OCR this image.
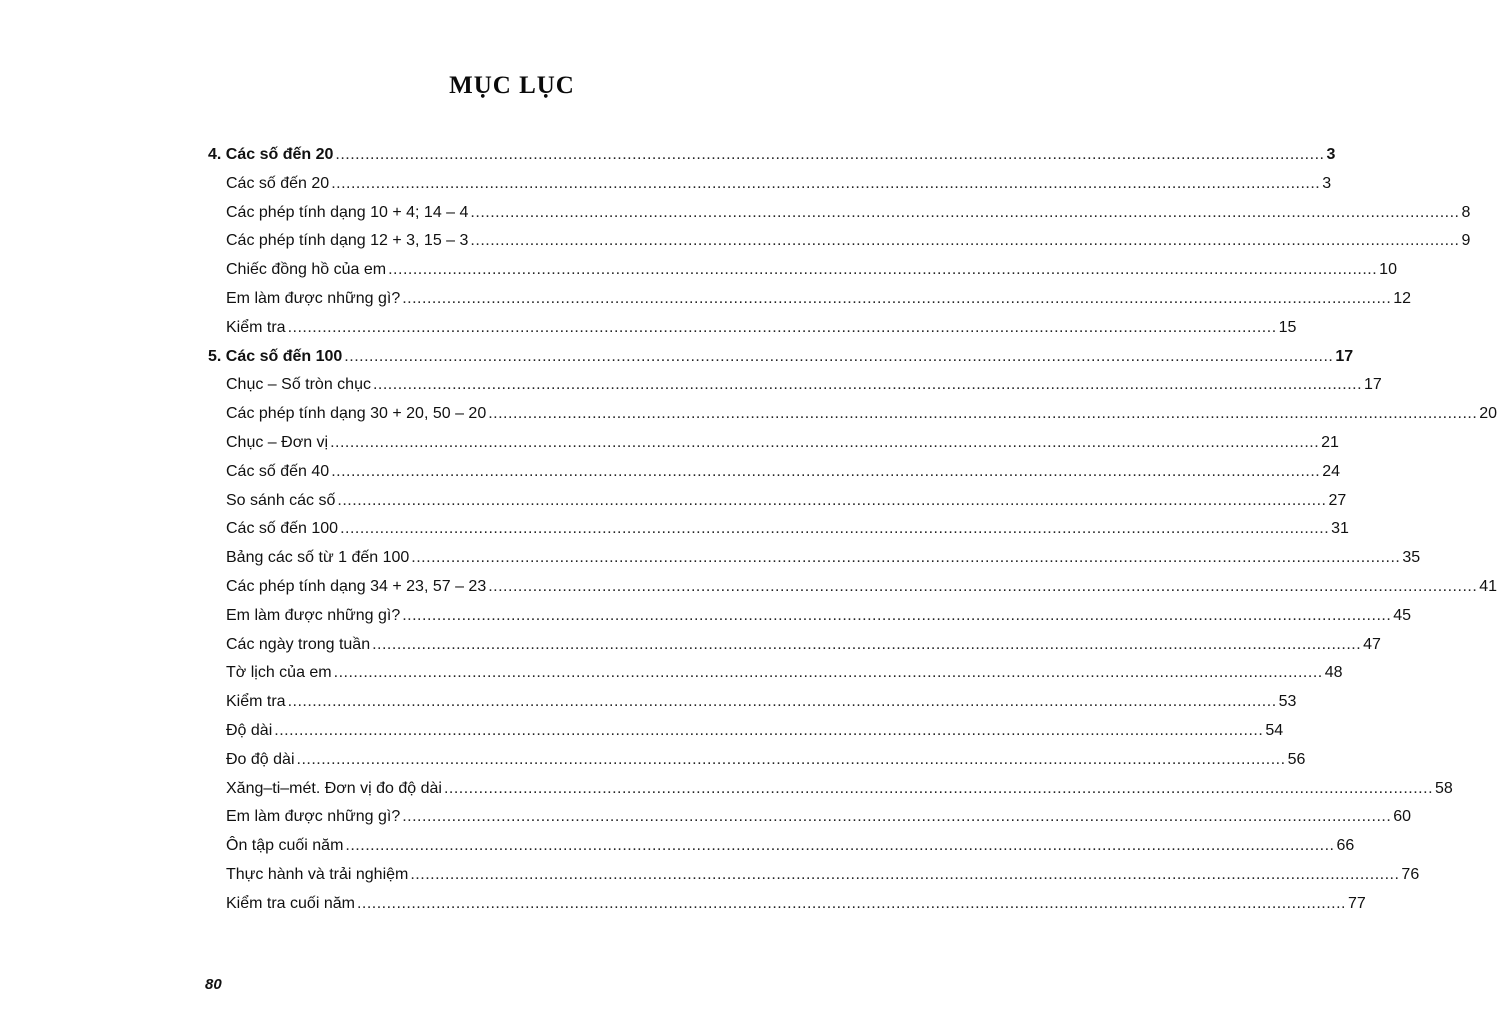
MỤC LỤC
4. Các số đến 20 ........................................................................................................................................................................................................ 3
Các số đến 20 ........................................................................................................................................................................................................ 3
Các phép tính dạng 10 + 4; 14 – 4 ........................................................................................................................................................................................................ 8
Các phép tính dạng 12 + 3, 15 – 3 ........................................................................................................................................................................................................ 9
Chiếc đồng hồ của em ........................................................................................................................................................................................................ 10
Em làm được những gì? ........................................................................................................................................................................................................ 12
Kiểm tra ........................................................................................................................................................................................................ 15
5. Các số đến 100 ........................................................................................................................................................................................................ 17
Chục – Số tròn chục ........................................................................................................................................................................................................ 17
Các phép tính dạng 30 + 20, 50 – 20 ........................................................................................................................................................................................................ 20
Chục – Đơn vị ........................................................................................................................................................................................................ 21
Các số đến 40 ........................................................................................................................................................................................................ 24
So sánh các số ........................................................................................................................................................................................................ 27
Các số đến 100 ........................................................................................................................................................................................................ 31
Bảng các số từ 1 đến 100 ........................................................................................................................................................................................................ 35
Các phép tính dạng 34 + 23, 57 – 23 ........................................................................................................................................................................................................ 41
Em làm được những gì? ........................................................................................................................................................................................................ 45
Các ngày trong tuần ........................................................................................................................................................................................................ 47
Tờ lịch của em ........................................................................................................................................................................................................ 48
Kiểm tra ........................................................................................................................................................................................................ 53
Độ dài ........................................................................................................................................................................................................ 54
Đo độ dài ........................................................................................................................................................................................................ 56
Xăng–ti–mét. Đơn vị đo độ dài ........................................................................................................................................................................................................ 58
Em làm được những gì? ........................................................................................................................................................................................................ 60
Ôn tập cuối năm ........................................................................................................................................................................................................ 66
Thực hành và trải nghiệm ........................................................................................................................................................................................................ 76
Kiểm tra cuối năm ........................................................................................................................................................................................................ 77
80
